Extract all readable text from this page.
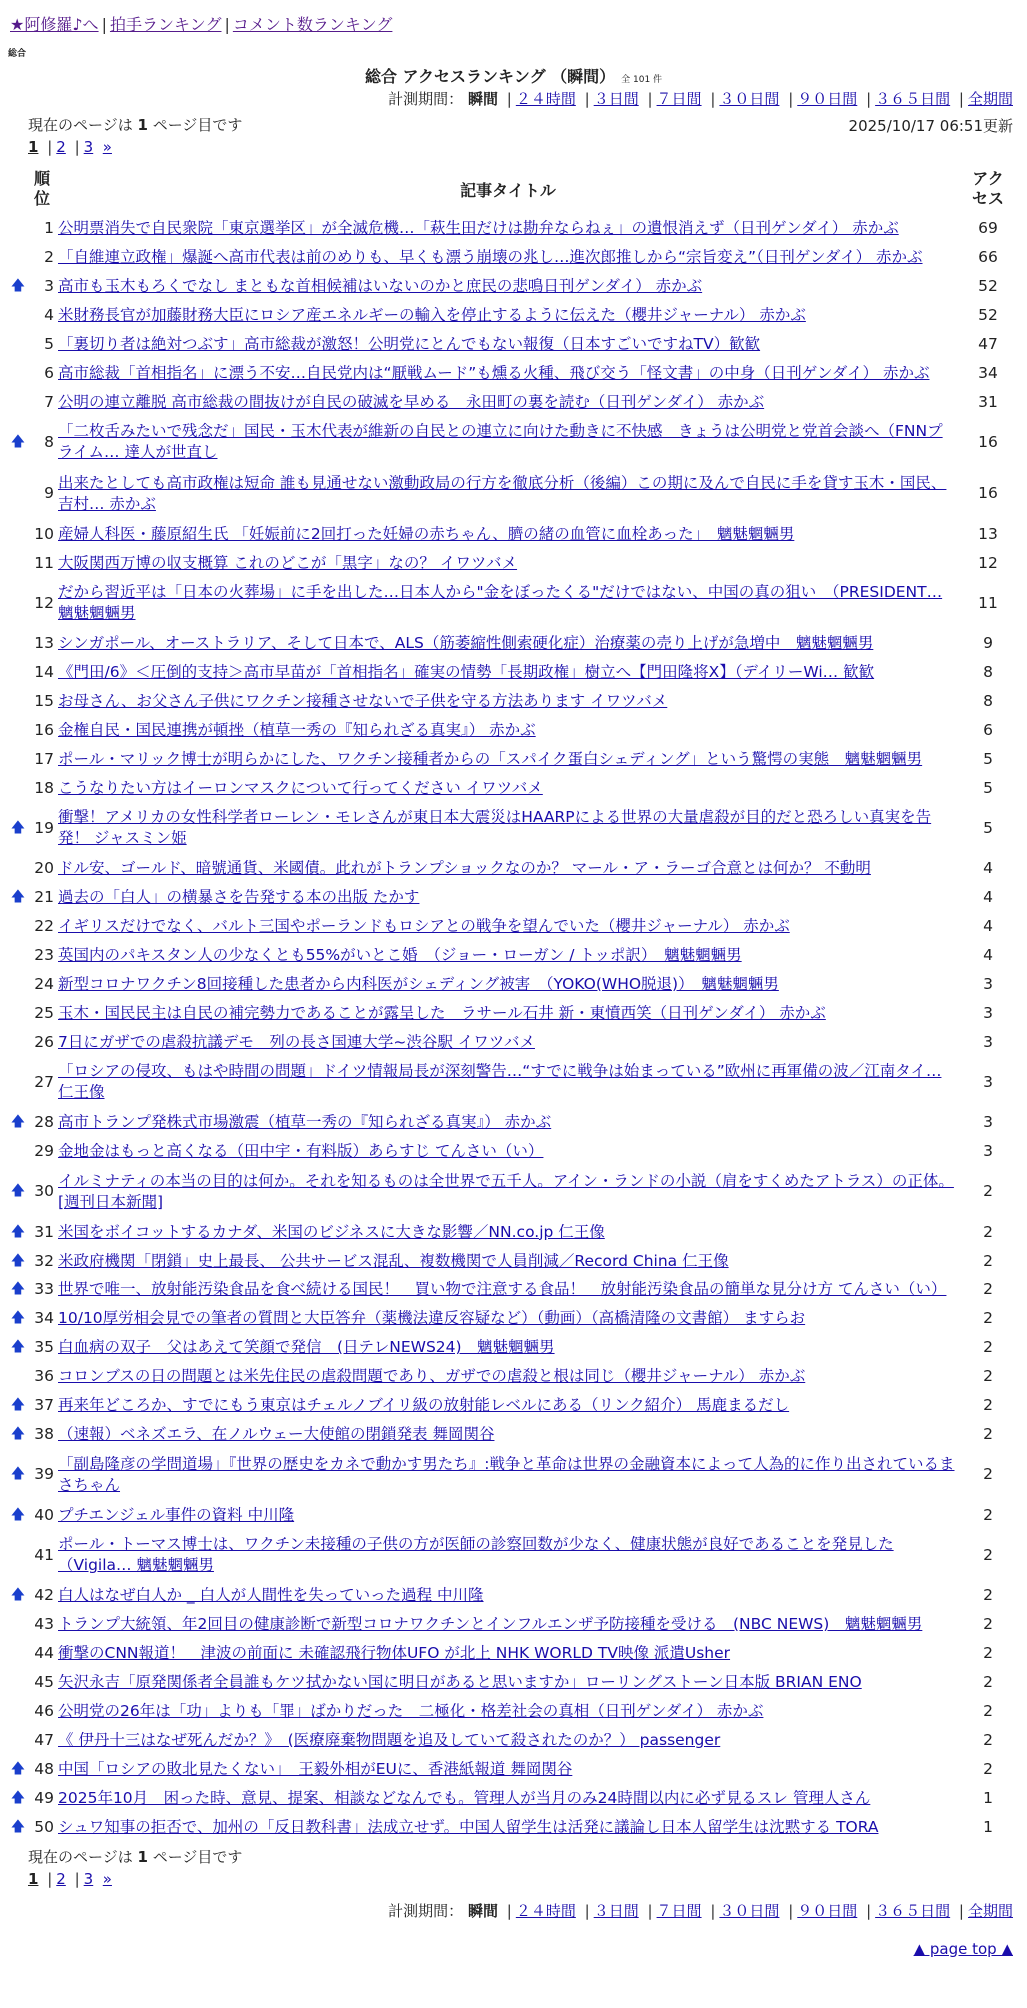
★阿修羅♪へ | 拍手ランキング | コメント数ランキング
総合
総合 アクセスランキング （瞬間） 全 101 件
計測期間： 瞬間 | ２４時間 | ３日間 | ７日間 | ３０日間 | ９０日間 | ３６５日間 | 全期間
現在のページは 1 ページ目です	2025/10/17 06:51更新
1 | 2 | 3 »
	順位	記事タイトル	アクセス
	1	公明票消失で自民衆院「東京選挙区」が全滅危機…「萩生田だけは勘弁ならねぇ」の遺恨消えず（日刊ゲンダイ） 赤かぶ	69
	2	「自維連立政権」爆誕へ高市代表は前のめりも、早くも漂う崩壊の兆し…進次郎推しから“宗旨変え”（日刊ゲンダイ） 赤かぶ	66
🡅	3	高市も玉木もろくでなし まともな首相候補はいないのかと庶民の悲鳴日刊ゲンダイ） 赤かぶ	52
	4	米財務長官が加藤財務大臣にロシア産エネルギーの輸入を停止するように伝えた（櫻井ジャーナル） 赤かぶ	52
	5	「裏切り者は絶対つぶす」高市総裁が激怒！公明党にとんでもない報復（日本すごいですねTV）歓歓	47
	6	高市総裁「首相指名」に漂う不安…自民党内は“厭戦ムード”も燻る火種、飛び交う「怪文書」の中身（日刊ゲンダイ） 赤かぶ	34
	7	公明の連立離脱 高市総裁の間抜けが自民の破滅を早める　永田町の裏を読む（日刊ゲンダイ） 赤かぶ	31
🡅	8	「二枚舌みたいで残念だ」国民・玉木代表が維新の自民との連立に向けた動きに不快感　きょうは公明党と党首会談へ（FNNプライム… 達人が世直し	16
	9	出来たとしても高市政権は短命 誰も見通せない激動政局の行方を徹底分析（後編）この期に及んで自民に手を貸す玉木・国民、吉村… 赤かぶ	16
	10	産婦人科医・藤原紹生氏 「妊娠前に2回打った妊婦の赤ちゃん、臍の緒の血管に血栓あった」　魑魅魍魎男	13
	11	大阪関西万博の収支概算 これのどこが「黒字」なの？ イワツバメ	12
	12	だから習近平は「日本の火葬場」に手を出した…日本人から"金をぼったくる"だけではない、中国の真の狙い　（PRESIDENT… 魑魅魍魎男	11
	13	シンガポール、オーストラリア、そして日本で、ALS（筋萎縮性側索硬化症）治療薬の売り上げが急増中　魑魅魍魎男	9
	14	《門田/6》＜圧倒的支持＞高市早苗が「首相指名」確実の情勢「長期政権」樹立へ【門田隆将X】（デイリーWi… 歓歓	8
	15	お母さん、お父さん子供にワクチン接種させないで子供を守る方法あります イワツバメ	8
	16	金権自民・国民連携が頓挫（植草一秀の『知られざる真実』） 赤かぶ	6
	17	ポール・マリック博士が明らかにした、ワクチン接種者からの「スパイク蛋白シェディング」という驚愕の実態　魑魅魍魎男	5
	18	こうなりたい方はイーロンマスクについて行ってください イワツバメ	5
🡅	19	衝撃！アメリカの女性科学者ローレン・モレさんが東日本大震災はHAARPによる世界の大量虐殺が目的だと恐ろしい真実を告発！ ジャスミン姫	5
	20	ドル安、ゴールド、暗號通貨、米國債。此れがトランプショックなのか？ マール・ア・ラーゴ合意とは何か？ 不動明	4
🡅	21	過去の「白人」の横暴さを告発する本の出版 たかす	4
	22	イギリスだけでなく、バルト三国やポーランドもロシアとの戦争を望んでいた（櫻井ジャーナル） 赤かぶ	4
	23	英国内のパキスタン人の少なくとも55%がいとこ婚　（ジョー・ローガン / トッポ訳）　魑魅魍魎男	4
	24	新型コロナワクチン8回接種した患者から内科医がシェディング被害　（YOKO(WHO脱退)）　魑魅魍魎男	3
	25	玉木・国民民主は自民の補完勢力であることが露呈した　ラサール石井 新・東憤西笑（日刊ゲンダイ） 赤かぶ	3
	26	7日にガザでの虐殺抗議デモ　列の長さ国連大学~渋谷駅 イワツバメ	3
	27	「ロシアの侵攻、もはや時間の問題」ドイツ情報局長が深刻警告…“すでに戦争は始まっている”欧州に再軍備の波／江南タイ… 仁王像	3
🡅	28	高市トランプ発株式市場激震（植草一秀の『知られざる真実』） 赤かぶ	3
	29	金地金はもっと高くなる（田中宇・有料版）あらすじ てんさい（い）	3
🡅	30	イルミナティの本当の目的は何か。それを知るものは全世界で五千人。アイン・ランドの小説（肩をすくめたアトラス）の正体。[週刊日本新聞]	2
🡅	31	米国をボイコットするカナダ、米国のビジネスに大きな影響／NN.co.jp 仁王像	2
🡅	32	米政府機関「閉鎖」史上最長、 公共サービス混乱、複数機関で人員削減／Record China 仁王像	2
🡅	33	世界で唯一、放射能汚染食品を食べ続ける国民！　買い物で注意する食品！　放射能汚染食品の簡単な見分け方 てんさい（い）	2
🡅	34	10/10厚労相会見での筆者の質問と大臣答弁（薬機法違反容疑など）（動画）（高橋清隆の文書館） ますらお	2
🡅	35	白血病の双子　父はあえて笑顔で発信　(日テレNEWS24)　魑魅魍魎男	2
	36	コロンブスの日の問題とは米先住民の虐殺問題であり、ガザでの虐殺と根は同じ（櫻井ジャーナル） 赤かぶ	2
🡅	37	再来年どころか、すでにもう東京はチェルノブイリ級の放射能レベルにある（リンク紹介） 馬鹿まるだし	2
🡅	38	（速報）ベネズエラ、在ノルウェー大使館の閉鎖発表 舞岡関谷	2
🡅	39	「副島隆彦の学問道場」『世界の歴史をカネで動かす男たち』:戦争と革命は世界の金融資本によって人為的に作り出されているまさちゃん	2
🡅	40	プチエンジェル事件の資料 中川隆	2
	41	ポール・トーマス博士は、ワクチン未接種の子供の方が医師の診察回数が少なく、健康状態が良好であることを発見した（Vigila… 魑魅魍魎男	2
🡅	42	白人はなぜ白人か _ 白人が人間性を失っていった過程 中川隆	2
	43	トランプ大統領、年2回目の健康診断で新型コロナワクチンとインフルエンザ予防接種を受ける　(NBC NEWS)　魑魅魍魎男	2
	44	衝撃のCNN報道！　津波の前面に 未確認飛行物体UFO が北上 NHK WORLD TV映像 派遣Usher	2
	45	矢沢永吉「原発関係者全員誰もケツ拭かない国に明日があると思いますか」ローリングストーン日本版 BRIAN ENO	2
	46	公明党の26年は「功」よりも「罪」ばかりだった　二極化・格差社会の真相（日刊ゲンダイ） 赤かぶ	2
	47	《 伊丹十三はなぜ死んだか？》　(医療廃棄物問題を追及していて殺されたのか？） passenger	2
🡅	48	中国「ロシアの敗北見たくない」　王毅外相がEUに、香港紙報道 舞岡関谷	2
🡅	49	2025年10月　困った時、意見、提案、相談などなんでも。管理人が当月のみ24時間以内に必ず見るスレ 管理人さん	1
🡅	50	シュワ知事の拒否で、加州の「反日教科書」法成立せず。中国人留学生は活発に議論し日本人留学生は沈黙する TORA	1
現在のページは 1 ページ目です
1 | 2 | 3 »
計測期間： 瞬間 | ２４時間 | ３日間 | ７日間 | ３０日間 | ９０日間 | ３６５日間 | 全期間
▲ page top ▲
